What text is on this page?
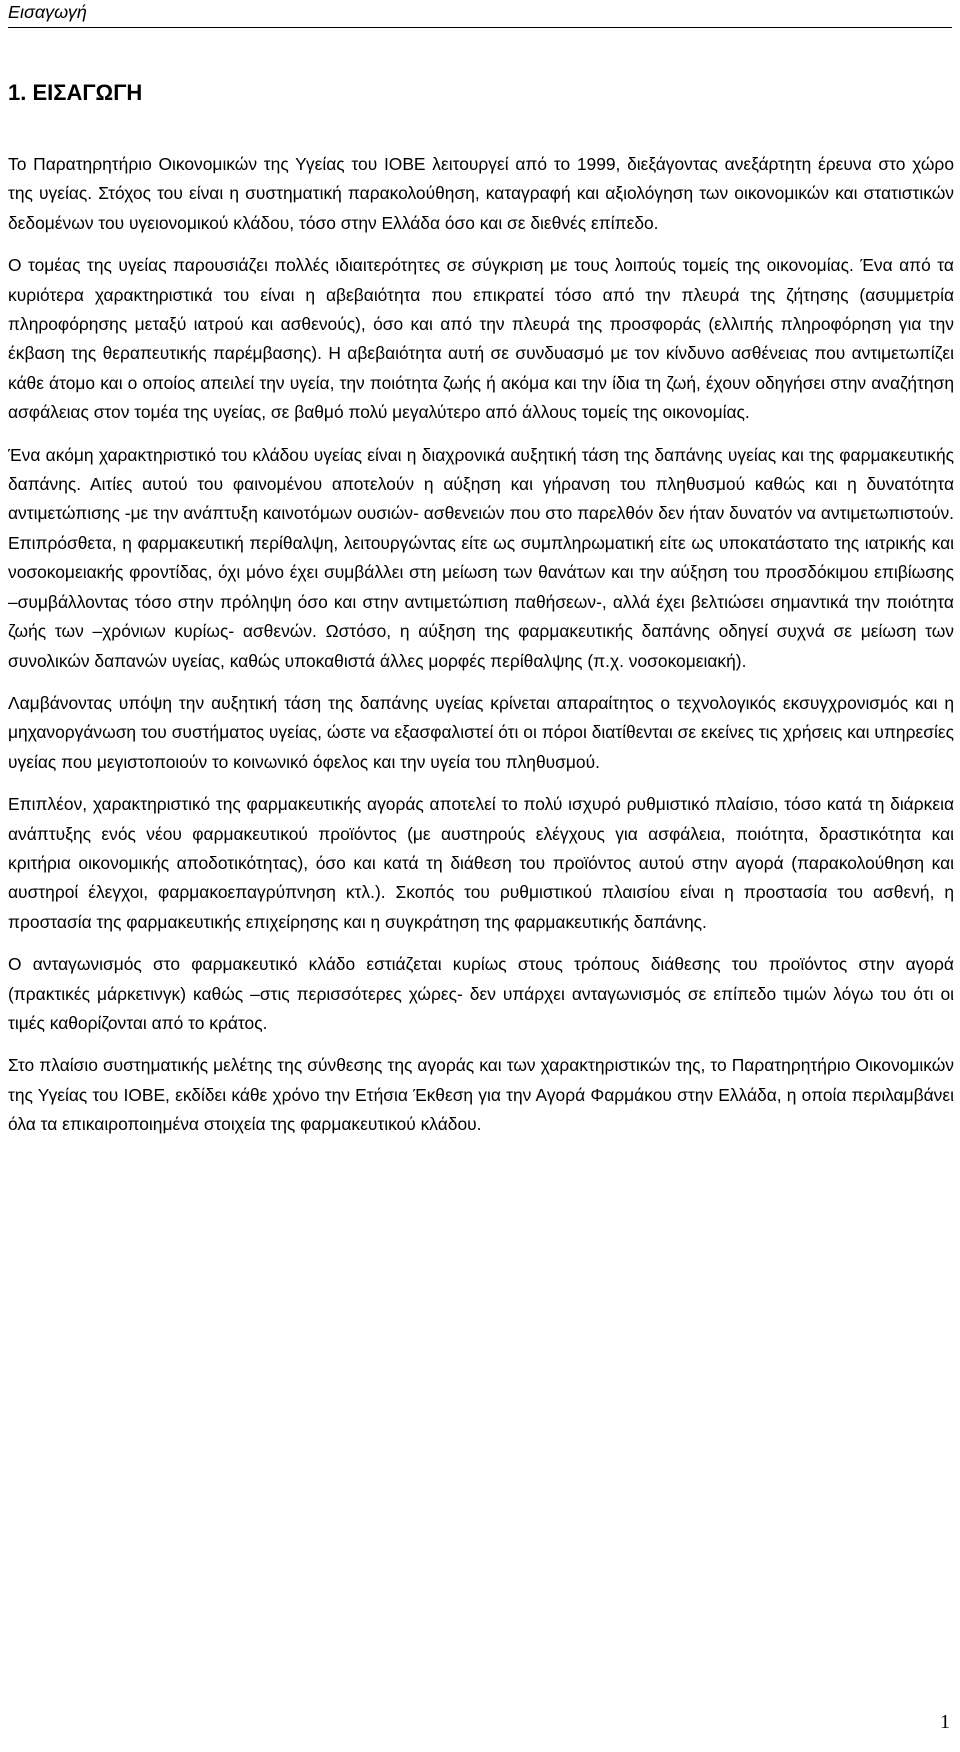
Εισαγωγή
1. ΕΙΣΑΓΩΓΗ

Το Παρατηρητήριο Οικονομικών της Υγείας του ΙΟΒΕ λειτουργεί από το 1999, διεξάγοντας ανεξάρτητη έρευνα στο χώρο της υγείας. Στόχος του είναι η συστηματική παρακολούθηση, καταγραφή και αξιολόγηση των οικονομικών και στατιστικών δεδομένων του υγειονομικού κλάδου, τόσο στην Ελλάδα όσο και σε διεθνές επίπεδο.

Ο τομέας της υγείας παρουσιάζει πολλές ιδιαιτερότητες σε σύγκριση με τους λοιπούς τομείς της οικονομίας. Ένα από τα κυριότερα χαρακτηριστικά του είναι η αβεβαιότητα που επικρατεί τόσο από την πλευρά της ζήτησης (ασυμμετρία πληροφόρησης μεταξύ ιατρού και ασθενούς), όσο και από την πλευρά της προσφοράς (ελλιπής πληροφόρηση για την έκβαση της θεραπευτικής παρέμβασης). Η αβεβαιότητα αυτή σε συνδυασμό με τον κίνδυνο ασθένειας που αντιμετωπίζει κάθε άτομο και ο οποίος απειλεί την υγεία, την ποιότητα ζωής ή ακόμα και την ίδια τη ζωή, έχουν οδηγήσει στην αναζήτηση ασφάλειας στον τομέα της υγείας, σε βαθμό πολύ μεγαλύτερο από άλλους τομείς της οικονομίας.

Ένα ακόμη χαρακτηριστικό του κλάδου υγείας είναι η διαχρονικά αυξητική τάση της δαπάνης υγείας και της φαρμακευτικής δαπάνης. Αιτίες αυτού του φαινομένου αποτελούν η αύξηση και γήρανση του πληθυσμού καθώς και η δυνατότητα αντιμετώπισης -με την ανάπτυξη καινοτόμων ουσιών- ασθενειών που στο παρελθόν δεν ήταν δυνατόν να αντιμετωπιστούν. Επιπρόσθετα, η φαρμακευτική περίθαλψη, λειτουργώντας είτε ως συμπληρωματική είτε ως υποκατάστατο της ιατρικής και νοσοκομειακής φροντίδας, όχι μόνο έχει συμβάλλει στη μείωση των θανάτων και την αύξηση του προσδόκιμου επιβίωσης –συμβάλλοντας τόσο στην πρόληψη όσο και στην αντιμετώπιση παθήσεων-, αλλά έχει βελτιώσει σημαντικά την ποιότητα ζωής των –χρόνιων κυρίως- ασθενών. Ωστόσο, η αύξηση της φαρμακευτικής δαπάνης οδηγεί συχνά σε μείωση των συνολικών δαπανών υγείας, καθώς υποκαθιστά άλλες μορφές περίθαλψης (π.χ. νοσοκομειακή).

Λαμβάνοντας υπόψη την αυξητική τάση της δαπάνης υγείας κρίνεται απαραίτητος ο τεχνολογικός εκσυγχρονισμός και η μηχανοργάνωση του συστήματος υγείας, ώστε να εξασφαλιστεί ότι οι πόροι διατίθενται σε εκείνες τις χρήσεις και υπηρεσίες υγείας που μεγιστοποιούν το κοινωνικό όφελος και την υγεία του πληθυσμού.

Επιπλέον, χαρακτηριστικό της φαρμακευτικής αγοράς αποτελεί το πολύ ισχυρό ρυθμιστικό πλαίσιο, τόσο κατά τη διάρκεια ανάπτυξης ενός νέου φαρμακευτικού προϊόντος (με αυστηρούς ελέγχους για ασφάλεια, ποιότητα, δραστικότητα και κριτήρια οικονομικής αποδοτικότητας), όσο και κατά τη διάθεση του προϊόντος αυτού στην αγορά (παρακολούθηση και αυστηροί έλεγχοι, φαρμακοεπαγρύπνηση κτλ.). Σκοπός του ρυθμιστικού πλαισίου είναι η προστασία του ασθενή, η προστασία της φαρμακευτικής επιχείρησης και η συγκράτηση της φαρμακευτικής δαπάνης.

Ο ανταγωνισμός στο φαρμακευτικό κλάδο εστιάζεται κυρίως στους τρόπους διάθεσης του προϊόντος στην αγορά (πρακτικές μάρκετινγκ) καθώς –στις περισσότερες χώρες- δεν υπάρχει ανταγωνισμός σε επίπεδο τιμών λόγω του ότι οι τιμές καθορίζονται από το κράτος.

Στο πλαίσιο συστηματικής μελέτης της σύνθεσης της αγοράς και των χαρακτηριστικών της, το Παρατηρητήριο Οικονομικών της Υγείας του ΙΟΒΕ, εκδίδει κάθε χρόνο την Ετήσια Έκθεση για την Αγορά Φαρμάκου στην Ελλάδα, η οποία περιλαμβάνει όλα τα επικαιροποιημένα στοιχεία της φαρμακευτικού κλάδου.

1
